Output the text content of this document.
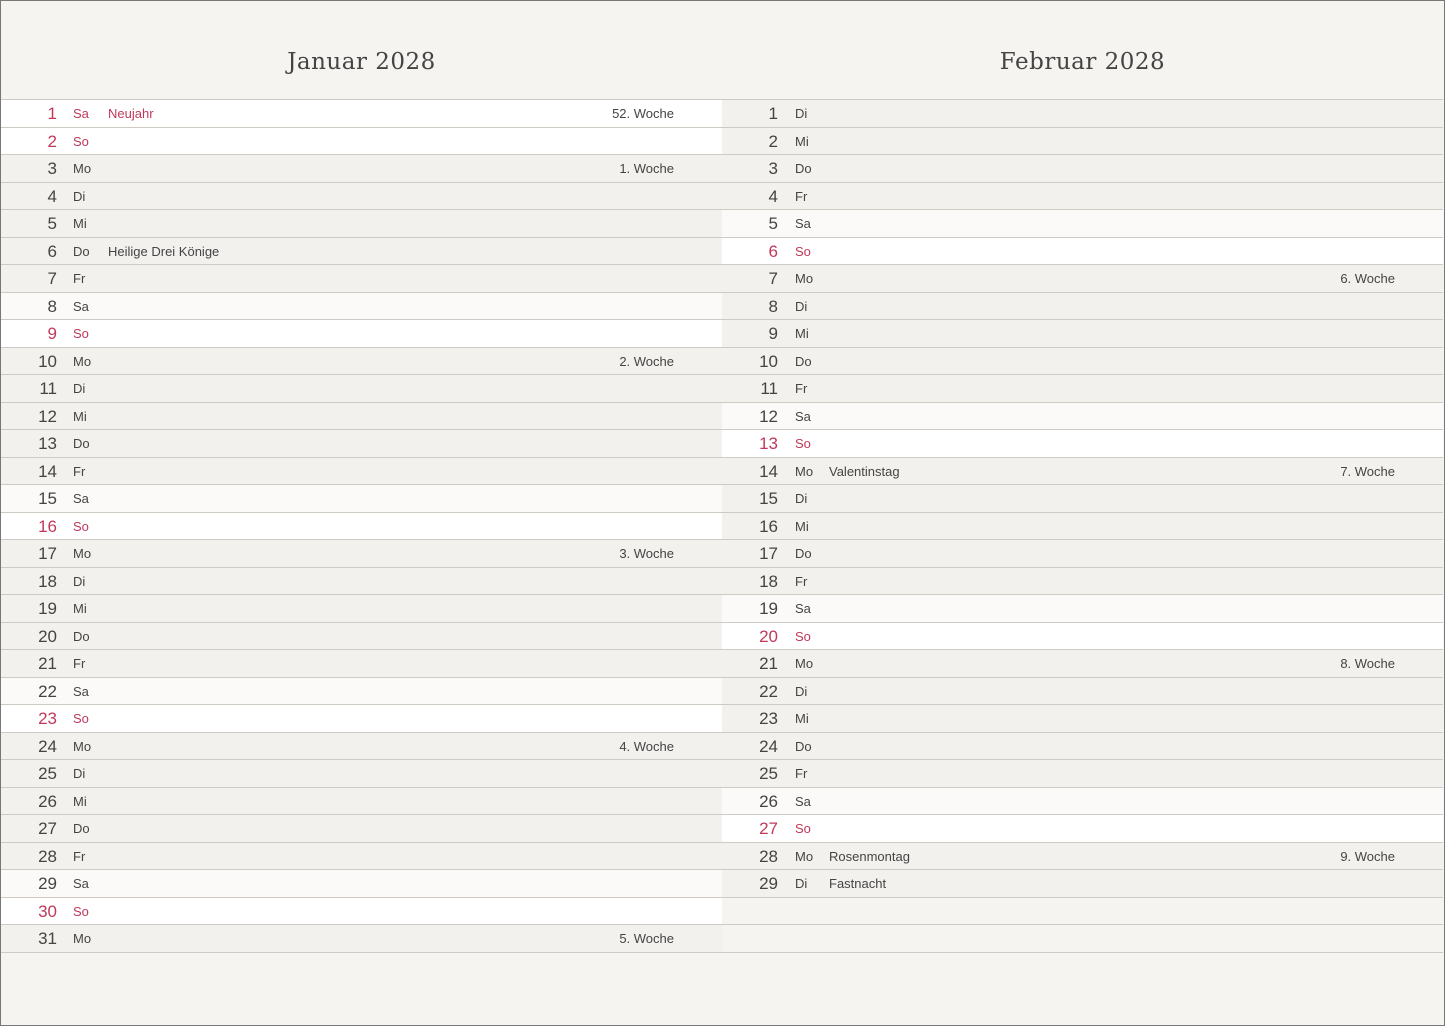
Januar 2028
1 Sa Neujahr	52. Woche
2 So
3 Mo	1. Woche
4 Di
5 Mi
6 Do Heilige Drei Könige
7 Fr
8 Sa
9 So
10 Mo	2. Woche
11 Di
12 Mi
13 Do
14 Fr
15 Sa
16 So
17 Mo	3. Woche
18 Di
19 Mi
20 Do
21 Fr
22 Sa
23 So
24 Mo	4. Woche
25 Di
26 Mi
27 Do
28 Fr
29 Sa
30 So
31 Mo	5. Woche
Februar 2028
1 Di
2 Mi
3 Do
4 Fr
5 Sa
6 So
7 Mo	6. Woche
8 Di
9 Mi
10 Do
11 Fr
12 Sa
13 So
14 Mo Valentinstag	7. Woche
15 Di
16 Mi
17 Do
18 Fr
19 Sa
20 So
21 Mo	8. Woche
22 Di
23 Mi
24 Do
25 Fr
26 Sa
27 So
28 Mo Rosenmontag	9. Woche
29 Di Fastnacht
